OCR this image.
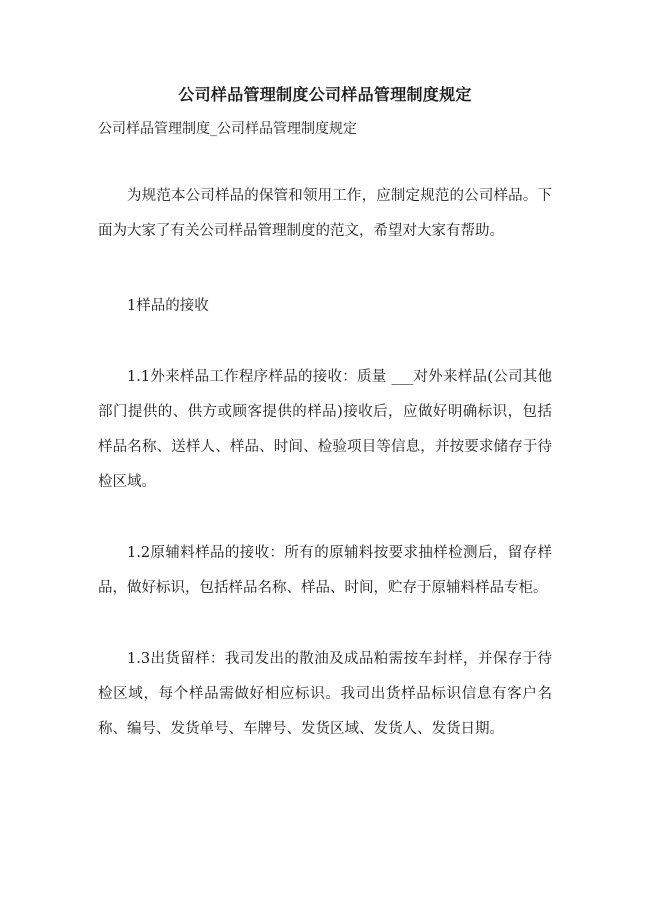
公司样品管理制度公司样品管理制度规定

公司样品管理制度_公司样品管理制度规定

为规范本公司样品的保管和领用工作，应制定规范的公司样品。下面为大家了有关公司样品管理制度的范文，希望对大家有帮助。

1样品的接收

1.1外来样品工作程序样品的接收：质量 ___对外来样品(公司其他部门提供的、供方或顾客提供的样品)接收后，应做好明确标识，包括样品名称、送样人、样品、时间、检验项目等信息，并按要求储存于待检区域。

1.2原辅料样品的接收：所有的原辅料按要求抽样检测后，留存样品，做好标识，包括样品名称、样品、时间，贮存于原辅料样品专柜。

1.3出货留样：我司发出的散油及成品粕需按车封样，并保存于待检区域，每个样品需做好相应标识。我司出货样品标识信息有客户名称、编号、发货单号、车牌号、发货区域、发货人、发货日期。
